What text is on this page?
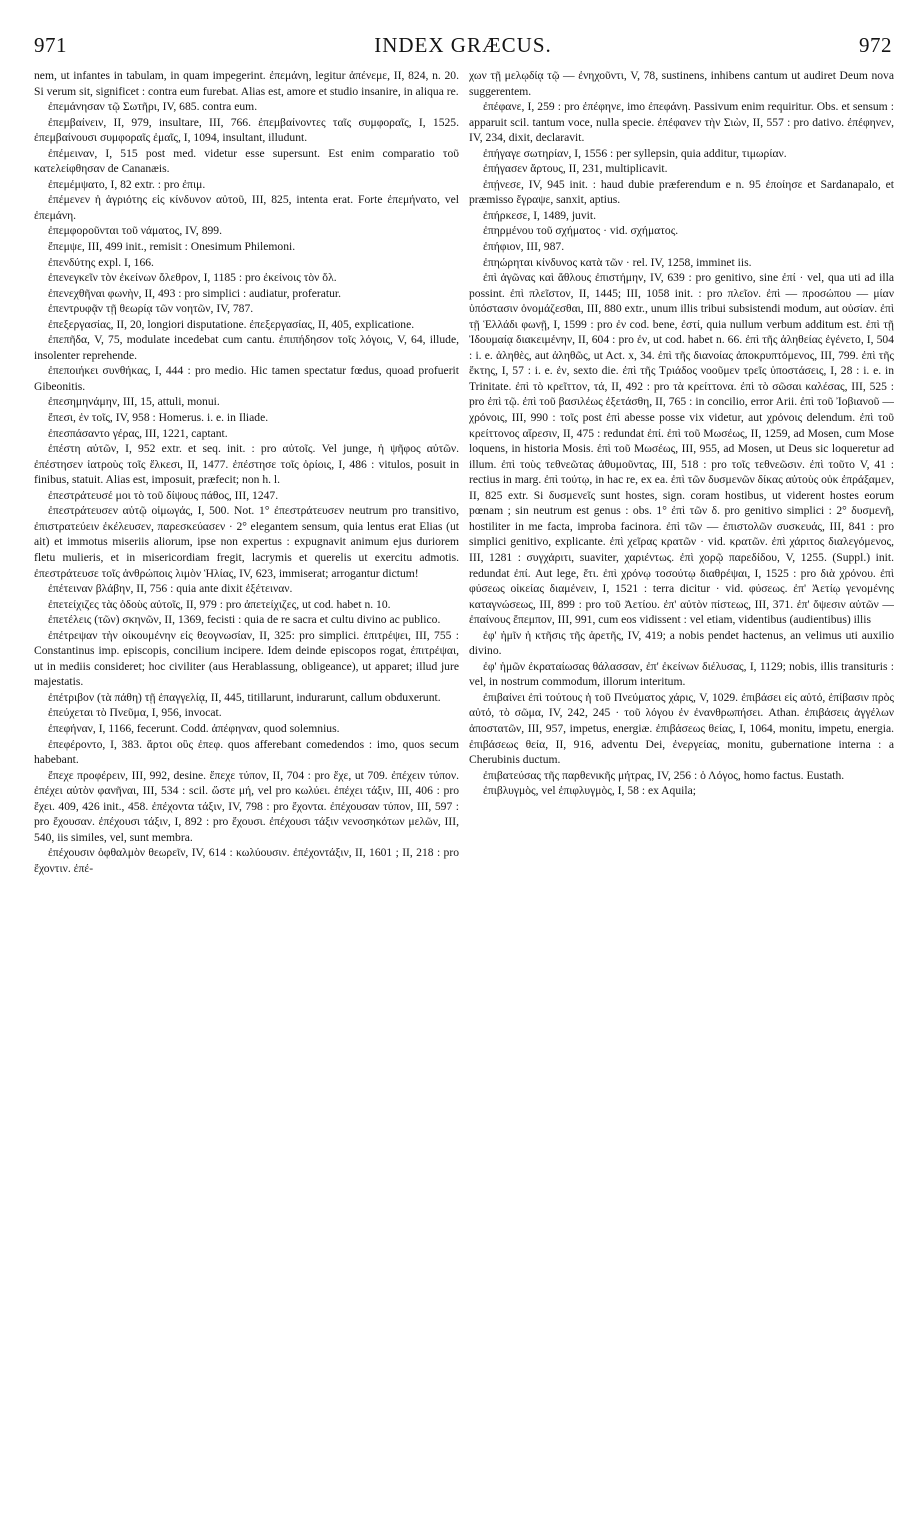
971	INDEX GRÆCUS.	972

nem, ut infantes in tabulam, in quam impegerint. ἐπεμάνη, legitur ἀπένεμε, II, 824, n. 20. Si verum sit, significet : contra eum furebat. Alias est, amore et studio insanire, in aliqua re.

ἐπεμάνησαν τῷ Σωτῆρι, IV, 685. contra eum.

ἐπεμβαίνειν, II, 979, insultare, III, 766. ἐπεμβαίνοντες ταῖς συμφοραῖς, I, 1525. ἐπεμβαίνουσι συμφοραῖς ἐμαῖς, I, 1094, insultant, illudunt.

ἐπέμειναν, I, 515 post med. videtur esse supersunt. Est enim comparatio τοῦ κατελείφθησαν de Cananæis.

ἐπεμέμψατο, I, 82 extr. : pro ἐπιμ.

ἐπέμενεν ἡ ἀγριότης εἰς κίνδυνον αὐτοῦ, III, 825, intenta erat. Forte ἐπεμήνατο, vel ἐπεμάνη.

ἐπεμφοροῦνται τοῦ νάματος, IV, 899.

ἔπεμψε, III, 499 init., remisit : Onesimum Philemoni.

ἐπενδύτης expl. I, 166.

ἐπενεγκεῖν τὸν ἐκείνων ὄλεθρον, I, 1185 : pro ἐκείνοις τὸν ὄλ.

ἐπενεχθῆναι φωνὴν, II, 493 : pro simplici : audiatur, proferatur.

ἐπεντρυφᾷν τῇ θεωρίᾳ τῶν νοητῶν, IV, 787.

ἐπεξεργασίας, II, 20, longiori disputatione. ἐπεξεργασίας, II, 405, explicatione.

ἐπεπῆδα, V, 75, modulate incedebat cum cantu. ἐπιπήδησον τοῖς λόγοις, V, 64, illude, insolenter reprehende.

ἐπεποιήκει συνθήκας, I, 444 : pro medio. Hic tamen spectatur fœdus, quoad profuerit Gibeonitis.

ἐπεσημηνάμην, III, 15, attuli, monui.

ἔπεσι, ἐν τοῖς, IV, 958 : Homerus. i. e. in Iliade.

ἐπεσπάσαντο γέρας, III, 1221, captant.

ἐπέστη αὐτῶν, I, 952 extr. et seq. init. : pro αὐτοῖς. Vel junge, ἡ ψῆφος αὐτῶν. ἐπέστησεν ἰατροὺς τοῖς ἕλκεσι, II, 1477. ἐπέστησε τοῖς ὁρίοις, I, 486 : vitulos, posuit in finibus, statuit. Alias est, imposuit, præfecit; non h. l.

ἐπεστράτευσέ μοι τὸ τοῦ δίψους πάθος, III, 1247.

ἐπεστράτευσεν αὐτῷ οἰμωγάς, I, 500. Not. 1° ἐπεστράτευσεν neutrum pro transitivo, ἐπιστρατεύειν ἐκέλευσεν, παρεσκεύασεν · 2° elegantem sensum, quia lentus erat Elias (ut ait) et immotus miseriis aliorum, ipse non expertus : expugnavit animum ejus duriorem fletu mulieris, et in misericordiam fregit, lacrymis et querelis ut exercitu admotis. ἐπεστράτευσε τοῖς ἀνθρώποις λιμὸν Ἡλίας, IV, 623, immiserat; arrogantur dictum!

ἐπέτειναν βλάβην, II, 756 : quia ante dixit ἐξέτειναν.

ἐπετείχιζες τὰς ὁδοὺς αὐτοῖς, II, 979 : pro ἀπετείχιζες, ut cod. habet n. 10.

ἐπετέλεις (τῶν) σκηνῶν, II, 1369, fecisti : quia de re sacra et cultu divino ac publico.

ἐπέτρεψαν τὴν οἰκουμένην εἰς θεογνωσίαν, II, 325: pro simplici. ἐπιτρέψει, III, 755 : Constantinus imp. episcopis, concilium incipere. Idem deinde episcopos rogat, ἐπιτρέψαι, ut in mediis consideret; hoc civiliter (aus Herablassung, obligeance), ut apparet; illud jure majestatis.

ἐπέτριβον (τὰ πάθη) τῇ ἐπαγγελίᾳ, II, 445, titillarunt, indurarunt, callum obduxerunt.

ἐπεύχεται τὸ Πνεῦμα, I, 956, invocat.

ἐπεφήναν, I, 1166, fecerunt. Codd. ἀπέφηναν, quod solemnius.

ἐπεφέροντο, I, 383. ἄρτοι οὓς ἐπεφ. quos afferebant comedendos : imo, quos secum habebant.

ἔπεχε προφέρειν, III, 992, desine. ἔπεχε τύπον, II, 704 : pro ἔχε, ut 709. ἐπέχειν τύπον. ἐπέχει αὐτὸν φανῆναι, III, 534 : scil. ὥστε μή, vel pro κωλύει. ἐπέχει τάξιν, III, 406 : pro ἔχει. 409, 426 init., 458. ἐπέχοντα τάξιν, IV, 798 : pro ἔχοντα. ἐπέχουσαν τύπον, III, 597 : pro ἔχουσαν. ἐπέχουσι τάξιν, I, 892 : pro ἔχουσι. ἐπέχουσι τάξιν νενοσηκότων μελῶν, III, 540, iis similes, vel, sunt membra.

ἐπέχουσιν ὀφθαλμὸν θεωρεῖν, IV, 614 : κωλύουσιν. ἐπέχοντάξιν, II, 1601 ; II, 218 : pro ἔχοντιν. ἐπέ-

χων τῇ μελῳδίᾳ τῷ — ἐνηχοῦντι, V, 78, sustinens, inhibens cantum ut audiret Deum nova suggerentem.

ἐπέφανε, I, 259 : pro ἐπέφηνε, imo ἐπεφάνη. Passivum enim requiritur. Obs. et sensum : apparuit scil. tantum voce, nulla specie. ἐπέφανεν τὴν Σιὼν, II, 557 : pro dativo. ἐπέφηνεν, IV, 234, dixit, declaravit.

ἐπήγαγε σωτηρίαν, I, 1556 : per syllepsin, quia additur, τιμωρίαν.

ἐπήγασεν ἄρτους, II, 231, multiplicavit.

ἐπῄνεσε, IV, 945 init. : haud dubie præferendum e n. 95 ἐποίησε et Sardanapalo, et præmisso ἔγραψε, sanxit, aptius.

ἐπήρκεσε, I, 1489, juvit.

ἐπηρμένου τοῦ σχήματος · vid. σχήματος.

ἐπήφιον, III, 987.

ἐπηώρηται κίνδυνος κατὰ τῶν · rel. IV, 1258, imminet iis.

ἐπὶ ἀγῶνας καὶ ἄθλους ἐπιστήμην, IV, 639 : pro genitivo, sine ἐπί · vel, qua uti ad illa possint. ἐπὶ πλεῖστον, II, 1445; III, 1058 init. : pro πλεῖον. ἐπὶ — προσώπου — μίαν ὑπόστασιν ὀνομάζεσθαι, III, 880 extr., unum illis tribui subsistendi modum, aut οὐσίαν. ἐπὶ τῇ Ἑλλάδι φωνῇ, I, 1599 : pro ἐν cod. bene, ἐστί, quia nullum verbum additum est. ἐπὶ τῇ Ἰδουμαίᾳ διακειμένην, II, 604 : pro ἐν, ut cod. habet n. 66. ἐπὶ τῆς ἀληθείας ἐγένετο, I, 504 : i. e. ἀληθὲς, aut ἀληθῶς, ut Act. x, 34. ἐπὶ τῆς διανοίας ἀποκρυπτόμενος, III, 799. ἐπὶ τῆς ἕκτης, I, 57 : i. e. ἐν, sexto die. ἐπὶ τῆς Τριάδος νοοῦμεν τρεῖς ὑποστάσεις, I, 28 : i. e. in Trinitate. ἐπὶ τὸ κρεῖττον, τά, II, 492 : pro τὰ κρείττονα. ἐπὶ τὸ σῶσαι καλέσας, III, 525 : pro ἐπὶ τῷ. ἐπὶ τοῦ βασιλέως ἐξετάσθη, II, 765 : in concilio, error Arii. ἐπὶ τοῦ Ἰοβιανοῦ — χρόνοις, III, 990 : τοῖς post ἐπὶ abesse posse vix videtur, aut χρόνοις delendum. ἐπὶ τοῦ κρείττονος αἵρεσιν, II, 475 : redundat ἐπί. ἐπὶ τοῦ Μωσέως, II, 1259, ad Mosen, cum Mose loquens, in historia Mosis. ἐπὶ τοῦ Μωσέως, III, 955, ad Mosen, ut Deus sic loqueretur ad illum. ἐπὶ τοὺς τεθνεῶτας ἀθυμοῦντας, III, 518 : pro τοῖς τεθνεῶσιν. ἐπὶ τοῦτο V, 41 : rectius in marg. ἐπὶ τούτῳ, in hac re, ex ea. ἐπὶ τῶν δυσμενῶν δίκας αὐτοὺς οὐκ ἐπράξαμεν, II, 825 extr. Si δυσμενεῖς sunt hostes, sign. coram hostibus, ut viderent hostes eorum pœnam ; sin neutrum est genus : obs. 1° ἐπὶ τῶν δ. pro genitivo simplici : 2° δυσμενῆ, hostiliter in me facta, improba facinora. ἐπὶ τῶν — ἐπιστολῶν συσκευάς, III, 841 : pro simplici genitivo, explicante. ἐπὶ χεῖρας κρατῶν · vid. κρατῶν. ἐπὶ χάριτος διαλεγόμενος, III, 1281 : συγχάριτι, suaviter, χαριέντως. ἐπὶ χορῷ παρεδίδου, V, 1255. (Suppl.) init. redundat ἐπί. Aut lege, ἔτι. ἐπὶ χρόνῳ τοσούτῳ διαθρέψαι, I, 1525 : pro διὰ χρόνου. ἐπὶ φύσεως οἰκείας διαμένειν, I, 1521 : terra dicitur · vid. φύσεως. ἐπ' Ἀετίῳ γενομένης καταγνώσεως, III, 899 : pro τοῦ Ἀετίου. ἐπ' αὐτὸν πίστεως, III, 371. ἐπ' ὄψεσιν αὐτῶν — ἐπαίνους ἔπεμπον, III, 991, cum eos vidissent : vel etiam, videntibus (audientibus) illis

ἐφ' ἡμῖν ἡ κτῆσις τῆς ἀρετῆς, IV, 419; a nobis pendet hactenus, an velimus uti auxilio divino.

ἐφ' ἡμῶν ἐκραταίωσας θάλασσαν, ἐπ' ἐκείνων διέλυσας, I, 1129; nobis, illis transituris : vel, in nostrum commodum, illorum interitum.

ἐπιβαίνει ἐπὶ τούτους ἡ τοῦ Πνεύματος χάρις, V, 1029. ἐπιβάσει εἰς αὐτό, ἐπίβασιν πρὸς αὐτό, τὸ σῶμα, IV, 242, 245 · τοῦ λόγου ἐν ἐνανθρωπήσει. Athan. ἐπιβάσεις ἀγγέλων ἀποστατῶν, III, 957, impetus, energiæ. ἐπιβάσεως θείας, I, 1064, monitu, impetu, energia. ἐπιβάσεως θεία, II, 916, adventu Dei, ἐνεργείας, monitu, gubernatione interna : a Cherubinis ductum.

ἐπιβατεύσας τῆς παρθενικῆς μήτρας, IV, 256 : ὁ Λόγος, homo factus. Eustath.

ἐπιβλυγμὸς, vel ἐπιφλυγμὸς, I, 58 : ex Aquila;
